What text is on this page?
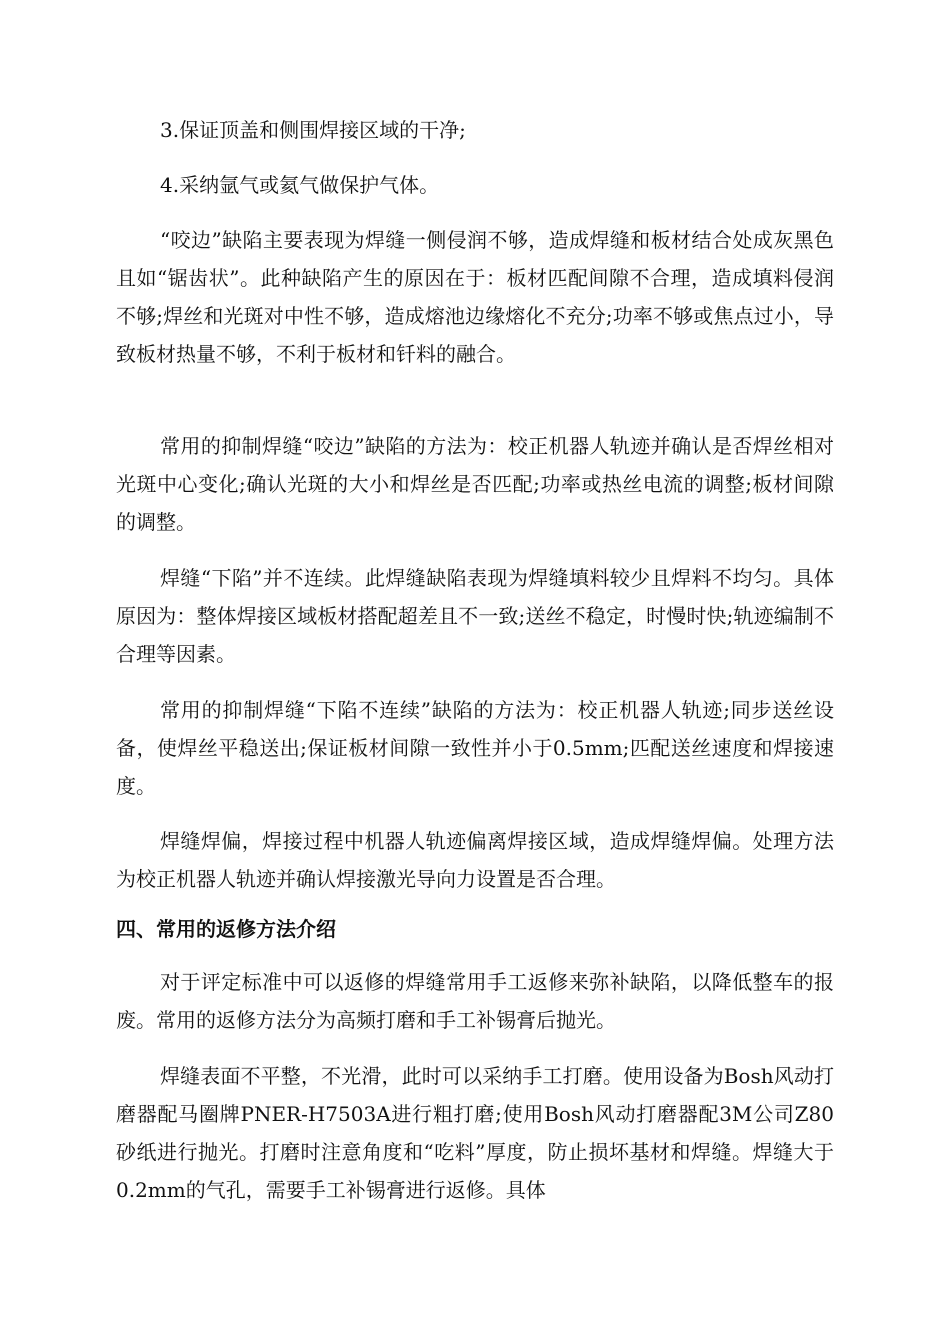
3.保证顶盖和侧围焊接区域的干净;
4.采纳氩气或氦气做保护气体。
“咬边”缺陷主要表现为焊缝一侧侵润不够，造成焊缝和板材结合处成灰黑色且如“锯齿状”。此种缺陷产生的原因在于：板材匹配间隙不合理，造成填料侵润不够;焊丝和光斑对中性不够，造成熔池边缘熔化不充分;功率不够或焦点过小，导致板材热量不够，不利于板材和钎料的融合。
常用的抑制焊缝“咬边”缺陷的方法为：校正机器人轨迹并确认是否焊丝相对光斑中心变化;确认光斑的大小和焊丝是否匹配;功率或热丝电流的调整;板材间隙的调整。
焊缝“下陷”并不连续。此焊缝缺陷表现为焊缝填料较少且焊料不均匀。具体原因为：整体焊接区域板材搭配超差且不一致;送丝不稳定，时慢时快;轨迹编制不合理等因素。
常用的抑制焊缝“下陷不连续”缺陷的方法为：校正机器人轨迹;同步送丝设备，使焊丝平稳送出;保证板材间隙一致性并小于0.5mm;匹配送丝速度和焊接速度。
焊缝焊偏，焊接过程中机器人轨迹偏离焊接区域，造成焊缝焊偏。处理方法为校正机器人轨迹并确认焊接激光导向力设置是否合理。
四、常用的返修方法介绍
对于评定标准中可以返修的焊缝常用手工返修来弥补缺陷，以降低整车的报废。常用的返修方法分为高频打磨和手工补锡膏后抛光。
焊缝表面不平整，不光滑，此时可以采纳手工打磨。使用设备为Bosh风动打磨器配马圈牌PNER-H7503A进行粗打磨;使用Bosh风动打磨器配3M公司Z80砂纸进行抛光。打磨时注意角度和“吃料”厚度，防止损坏基材和焊缝。焊缝大于0.2mm的气孔，需要手工补锡膏进行返修。具体
